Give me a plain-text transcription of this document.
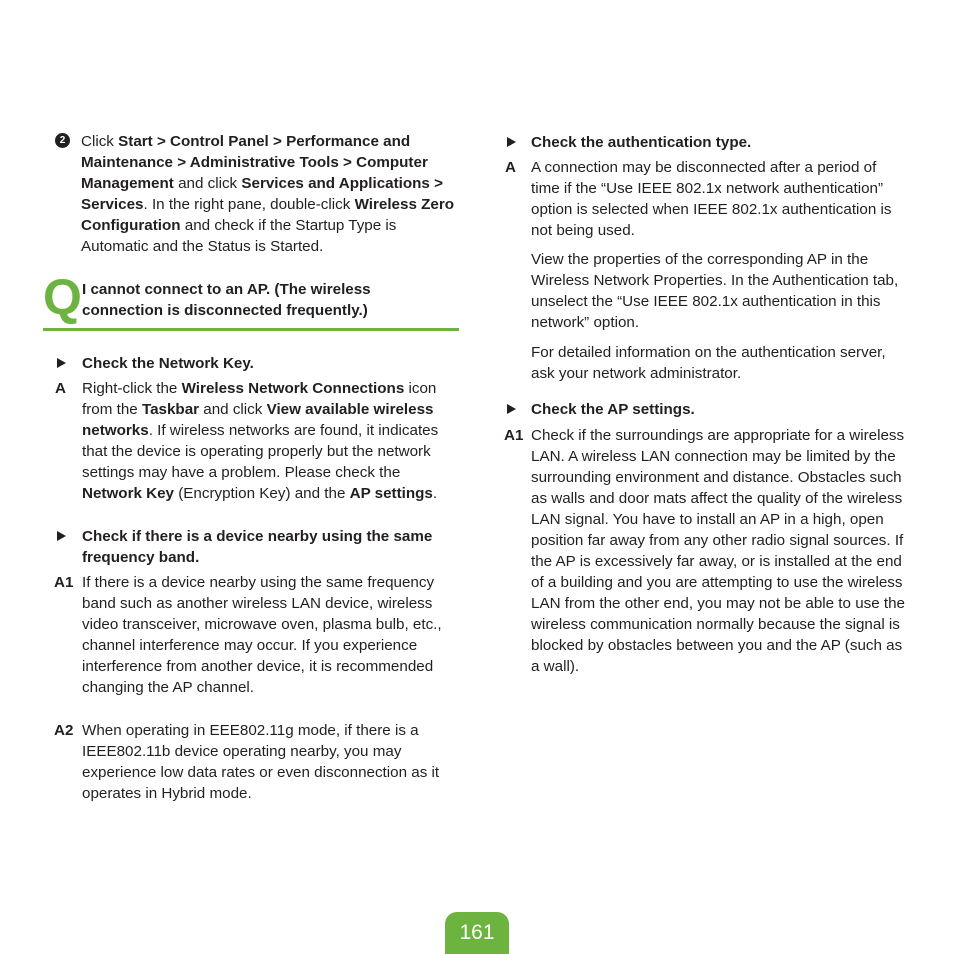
2	Click Start > Control Panel > Performance and Maintenance > Administrative Tools > Computer Management and click Services and Applications > Services. In the right pane, double-click Wireless Zero Configuration and check if the Startup Type is Automatic and the Status is Started.
Q I cannot connect to an AP. (The wireless connection is disconnected frequently.)
Check the Network Key.
A Right-click the Wireless Network Connections icon from the Taskbar and click View available wireless networks. If wireless networks are found, it indicates that the device is operating properly but the network settings may have a problem. Please check the Network Key (Encryption Key) and the AP settings.
Check if there is a device nearby using the same frequency band.
A1 If there is a device nearby using the same frequency band such as another wireless LAN device, wireless video transceiver, microwave oven, plasma bulb, etc., channel interference may occur. If you experience interference from another device, it is recommended changing the AP channel.
A2 When operating in EEE802.11g mode, if there is a IEEE802.11b device operating nearby, you may experience low data rates or even disconnection as it operates in Hybrid mode.
Check the authentication type.
A A connection may be disconnected after a period of time if the “Use IEEE 802.1x network authentication” option is selected when IEEE 802.1x authentication is not being used.
View the properties of the corresponding AP in the Wireless Network Properties. In the Authentication tab, unselect the “Use IEEE 802.1x authentication in this network” option.
For detailed information on the authentication server, ask your network administrator.
Check the AP settings.
A1 Check if the surroundings are appropriate for a wireless LAN. A wireless LAN connection may be limited by the surrounding environment and distance. Obstacles such as walls and door mats affect the quality of the wireless LAN signal. You have to install an AP in a high, open position far away from any other radio signal sources. If the AP is excessively far away, or is installed at the end of a building and you are attempting to use the wireless LAN from the other end, you may not be able to use the wireless communication normally because the signal is blocked by obstacles between you and the AP (such as a wall).
161
